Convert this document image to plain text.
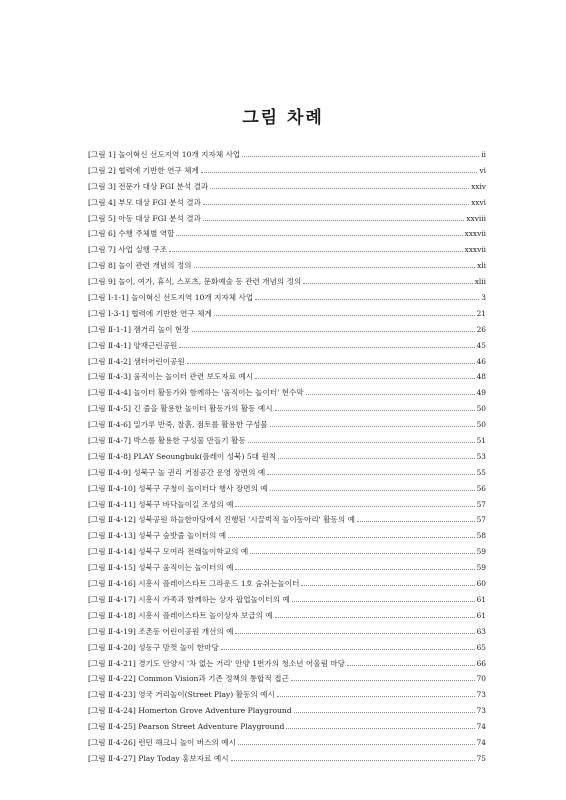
그림 차례
[그림 1] 놀이혁신 선도지역 10개 지자체 사업	ii
[그림 2] 협력에 기반한 연구 체계	vi
[그림 3] 전문가 대상 FGI 분석 결과	xxiv
[그림 4] 부모 대상 FGI 분석 결과	xxvi
[그림 5] 아동 대상 FGI 분석 결과	xxviii
[그림 6] 수행 주체별 역할	xxxvii
[그림 7] 사업 실행 구조	xxxvii
[그림 8] 놀이 관련 개념의 정의	xli
[그림 9] 놀이, 여가, 휴식, 스포츠, 문화예술 등 관련 개념의 정의	xlii
[그림 Ⅰ-1-1] 놀이혁신 선도지역 10개 지자체 사업	3
[그림 Ⅰ-3-1] 협력에 기반한 연구 체계	21
[그림 Ⅱ-1-1] 잼거리 놀이 현장	26
[그림 Ⅱ-4-1] 양재근린공원	45
[그림 Ⅱ-4-2] 샘터어린이공원	46
[그림 Ⅱ-4-3] 움직이는 놀이터 관련 보도자료 예시	48
[그림 Ⅱ-4-4] 놀이터 활동가와 함께하는 '움직이는 놀이터' 현수막	49
[그림 Ⅱ-4-5] 긴 줄을 활용한 놀이터 활동가의 활동 예시	50
[그림 Ⅱ-4-6] 밀가루 반죽, 찰흙, 점토를 활용한 구성물	50
[그림 Ⅱ-4-7] 박스를 활용한 구성물 만들기 활동	51
[그림 Ⅱ-4-8] PLAY Seoungbuk(플레이 성북) 5대 원칙	53
[그림 Ⅱ-4-9] 성북구 놀 권리 거점공간 운영 장면의 예	55
[그림 Ⅱ-4-10] 성북구 구청이 놀이터다 행사 장면의 예	56
[그림 Ⅱ-4-11] 성북구 바닥놀이길 조성의 예	57
[그림 Ⅱ-4-12] 성북공원 하늘한마당에서 진행된 '시끌벅적 놀이동아리' 활동의 예	57
[그림 Ⅱ-4-13] 성북구 숲밧줄 놀이터의 예	58
[그림 Ⅱ-4-14] 성북구 모여라 전래놀이학교의 예	59
[그림 Ⅱ-4-15] 성북구 움직이는 놀이터의 예	59
[그림 Ⅱ-4-16] 시흥시 플레이스타트 그라운드 1호 숨쉬는놀이터	60
[그림 Ⅱ-4-17] 시흥시 가족과 함께하는 상자 팝업놀이터의 예	61
[그림 Ⅱ-4-18] 시흥시 플레이스타트 놀이상자 보급의 예	61
[그림 Ⅱ-4-19] 조촌동 어린이공원 개선의 예	63
[그림 Ⅱ-4-20] 성동구 맘껏 놀이 한마당	65
[그림 Ⅱ-4-21] 경기도 안양시 '차 없는 거리' 안양 1번가의 청소년 어울림 마당	66
[그림 Ⅱ-4-22] Common Vision과 기존 정책의 통합적 접근	70
[그림 Ⅱ-4-23] 영국 거리놀이(Street Play) 활동의 예시	73
[그림 Ⅱ-4-24] Homerton Grove Adventure Playground	73
[그림 Ⅱ-4-25] Pearson Street Adventure Playground	74
[그림 Ⅱ-4-26] 런던 해크니 놀이 버스의 예시	74
[그림 Ⅱ-4-27] Play Today 홍보자료 예시	75
